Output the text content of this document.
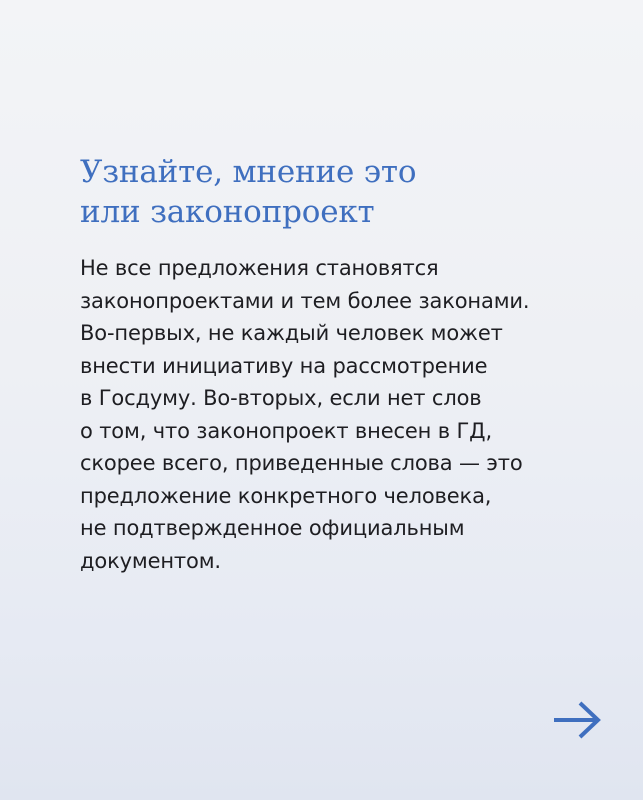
Узнайте, мнение это
или законопроект
Не все предложения становятся
законопроектами и тем более законами.
Во-первых, не каждый человек может
внести инициативу на рассмотрение
в Госдуму. Во-вторых, если нет слов
о том, что законопроект внесен в ГД,
скорее всего, приведенные слова — это
предложение конкретного человека,
не подтвержденное официальным
документом.
